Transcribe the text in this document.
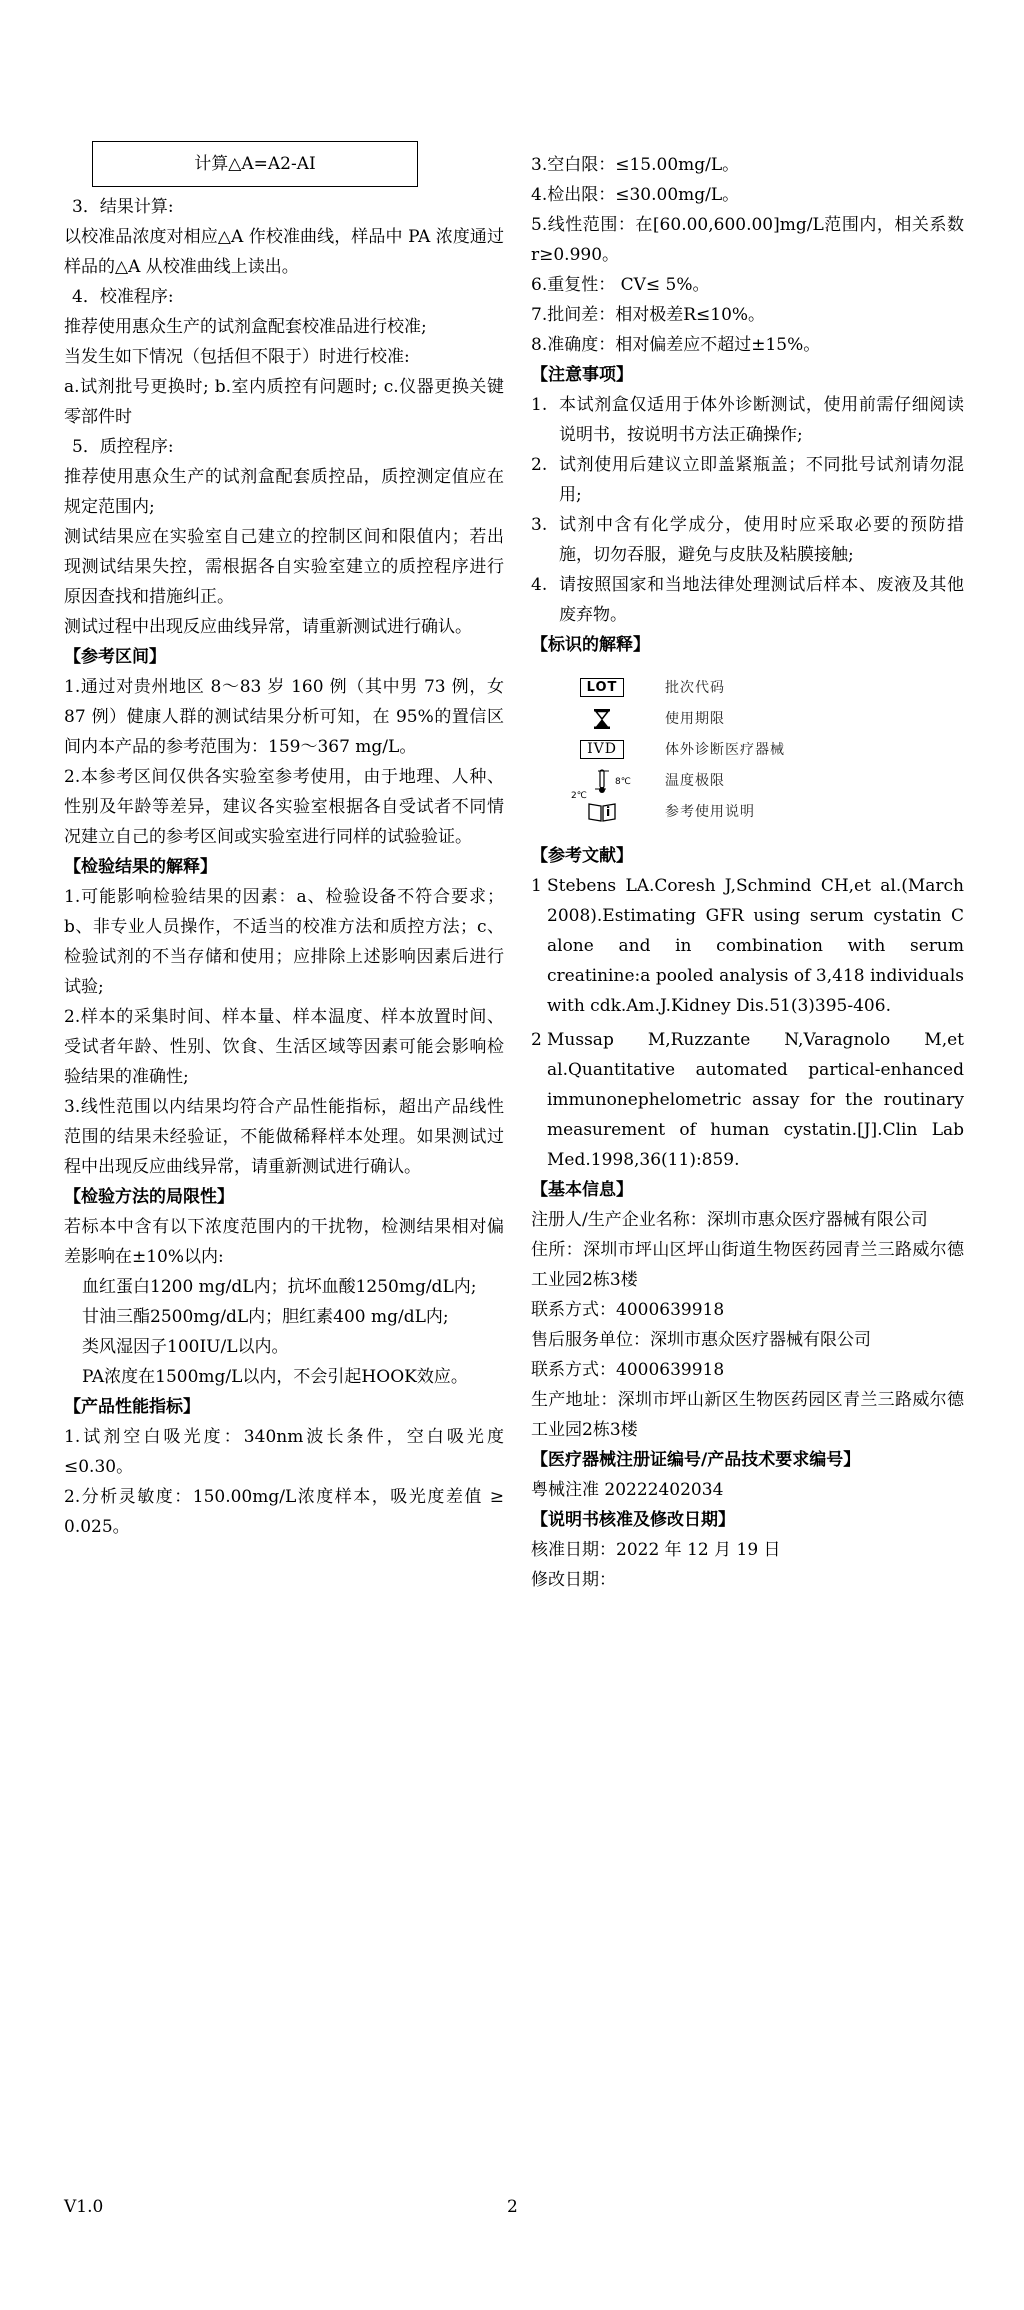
计算△A=A2-AI

3．结果计算:

以校准品浓度对相应△A 作校准曲线，样品中 PA 浓度通过样品的△A 从校准曲线上读出。

4．校准程序:

推荐使用惠众生产的试剂盒配套校准品进行校准;

当发生如下情况（包括但不限于）时进行校准:

a.试剂批号更换时; b.室内质控有问题时; c.仪器更换关键零部件时

5．质控程序:

推荐使用惠众生产的试剂盒配套质控品，质控测定值应在规定范围内;

测试结果应在实验室自己建立的控制区间和限值内；若出现测试结果失控，需根据各自实验室建立的质控程序进行原因查找和措施纠正。

测试过程中出现反应曲线异常，请重新测试进行确认。

【 参考区间 】

1.通过对贵州地区 8～83 岁 160 例（其中男 73 例，女 87 例）健康人群的测试结果分析可知，在 95%的置信区间内本产品的参考范围为：159～367 mg/L。

2.本参考区间仅供各实验室参考使用，由于地理、人种、性别及年龄等差异，建议各实验室根据各自受试者不同情况建立自己的参考区间或实验室进行同样的试验验证。

【 检验结果的解释 】

1.可能影响检验结果的因素：a、检验设备不符合要求；b、非专业人员操作，不适当的校准方法和质控方法；c、检验试剂的不当存储和使用；应排除上述影响因素后进行试验;

2.样本的采集时间、样本量、样本温度、样本放置时间、受试者年龄、性别、饮食、生活区域等因素可能会影响检验结果的准确性;

3.线性范围以内结果均符合产品性能指标，超出产品线性范围的结果未经验证，不能做稀释样本处理。如果测试过程中出现反应曲线异常，请重新测试进行确认。

【 检验方法的局限性 】

若标本中含有以下浓度范围内的干扰物，检测结果相对偏差影响在±10%以内:

血红蛋白1200 mg/dL内；抗坏血酸1250mg/dL内;

甘油三酯2500mg/dL内；胆红素400 mg/dL内;

类风湿因子100IU/L以内。

PA浓度在1500mg/L以内，不会引起HOOK效应。

【 产品性能指标 】

1.试剂空白吸光度：340nm波长条件，空白吸光度 ≤0.30。

2.分析灵敏度：150.00mg/L浓度样本，吸光度差值 ≥ 0.025。

3.空白限：≤15.00mg/L。

4.检出限：≤30.00mg/L。

5.线性范围：在[60.00,600.00]mg/L范围内，相关系数r≥0.990。

6.重复性： CV≤ 5%。

7.批间差：相对极差R≤10%。

8.准确度：相对偏差应不超过±15%。

【 注意事项 】

1. 本试剂盒仅适用于体外诊断测试，使用前需仔细阅读说明书，按说明书方法正确操作;
2. 试剂使用后建议立即盖紧瓶盖；不同批号试剂请勿混用;
3. 试剂中含有化学成分，使用时应采取必要的预防措施，切勿吞服，避免与皮肤及粘膜接触;
4. 请按照国家和当地法律处理测试后样本、废液及其他废弃物。

【 标识的解释 】

LOT	批次代码
使用期限
IVD	体外诊断医疗器械
2℃
8℃ 温度极限
参考使用说明

【 参考文献 】

1 Stebens LA.Coresh J,Schmind CH,et al.(March 2008).Estimating GFR using serum cystatin C alone and in combination with serum creatinine:a pooled analysis of 3,418 individuals with cdk.Am.J.Kidney Dis.51(3)395-406.
2 Mussap M,Ruzzante N,Varagnolo M,et al.Quantitative automated partical-enhanced immunonephelometric assay for the routinary measurement of human cystatin.[J].Clin Lab Med.1998,36(11):859.

【 基本信息 】

注册人/生产企业名称：深圳市惠众医疗器械有限公司

住所：深圳市坪山区坪山街道生物医药园青兰三路威尔德工业园2栋3楼

联系方式：4000639918

售后服务单位：深圳市惠众医疗器械有限公司

联系方式：4000639918

生产地址：深圳市坪山新区生物医药园区青兰三路威尔德工业园2栋3楼

【 医疗器械注册证编号/产品技术要求编号 】

粤械注准 20222402034

【 说明书核准及修改日期 】

核准日期：2022 年 12 月 19 日

修改日期：

V1.0	2
